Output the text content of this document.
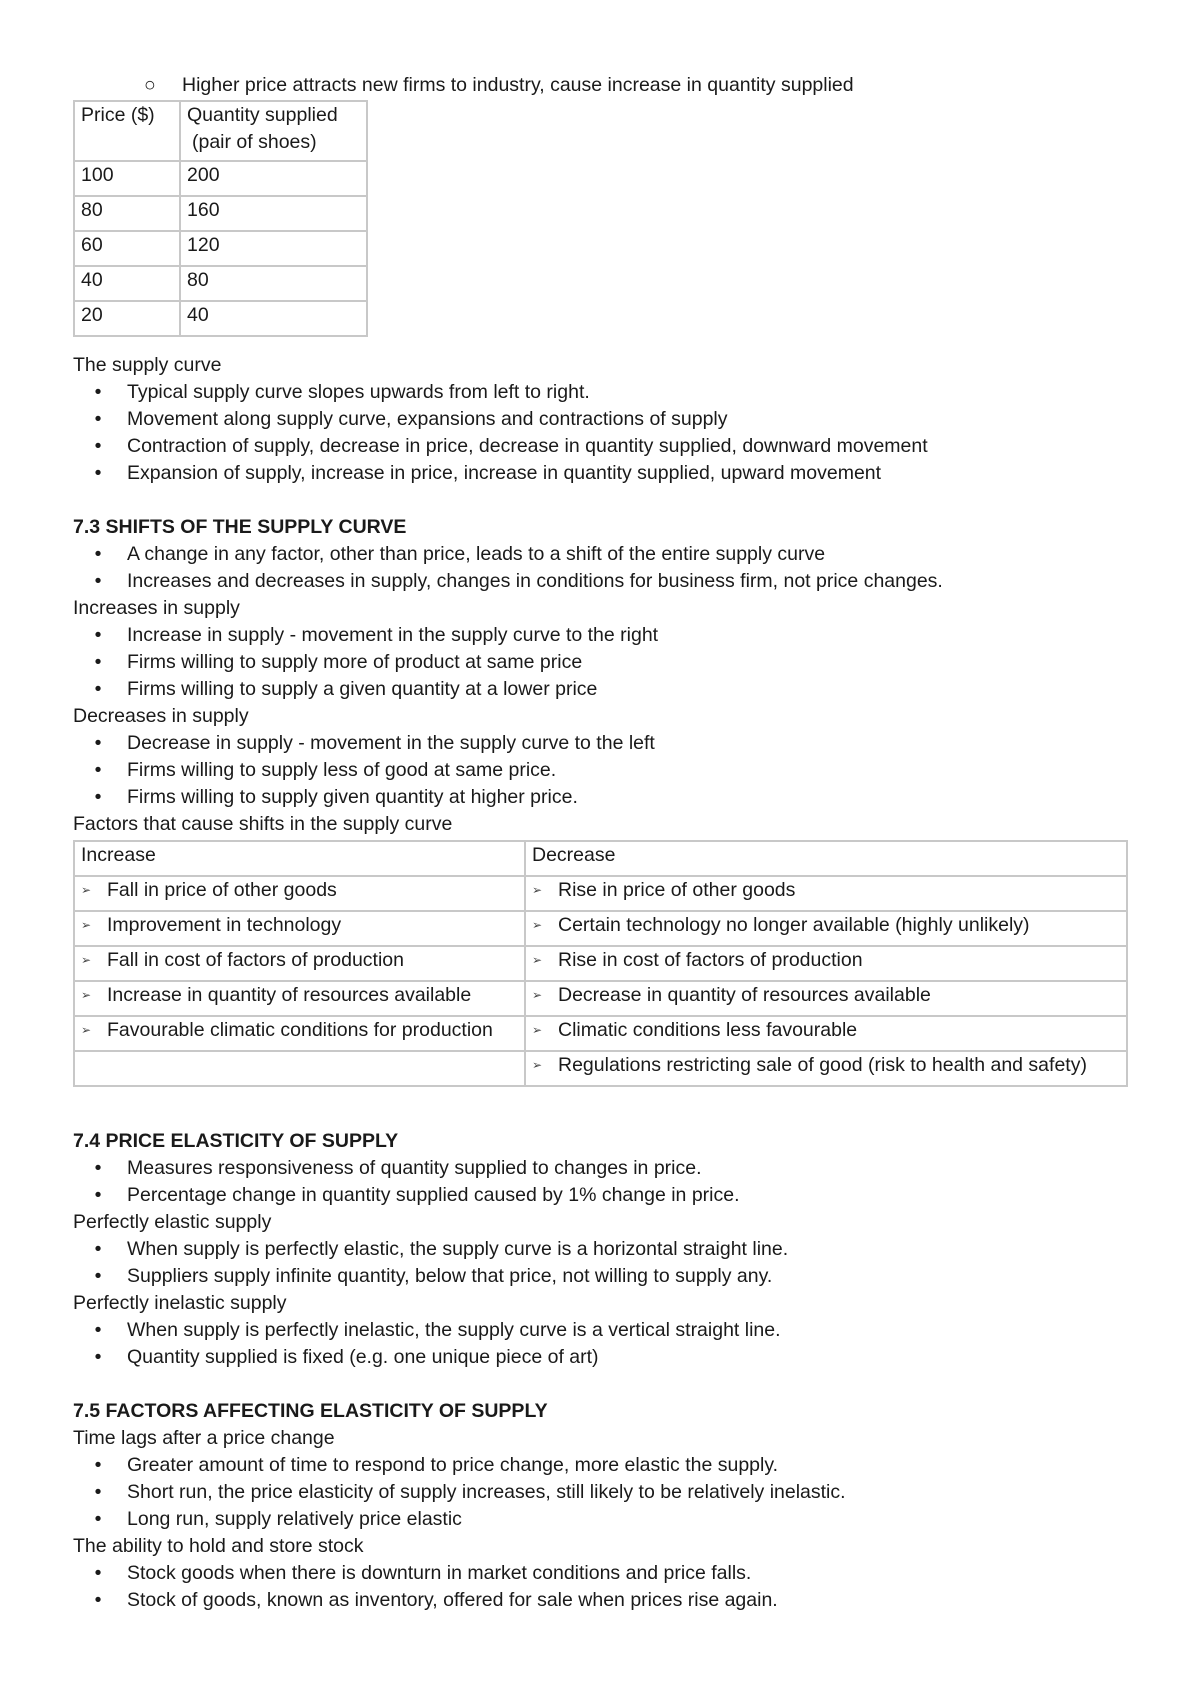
○ Higher price attracts new firms to industry, cause increase in quantity supplied
Price ($)	Quantity supplied
(pair of shoes)

100	200
80	160
60	120
40	80
20	40
The supply curve
• Typical supply curve slopes upwards from left to right.
• Movement along supply curve, expansions and contractions of supply
• Contraction of supply, decrease in price, decrease in quantity supplied, downward movement
• Expansion of supply, increase in price, increase in quantity supplied, upward movement
7.3 SHIFTS OF THE SUPPLY CURVE
• A change in any factor, other than price, leads to a shift of the entire supply curve
• Increases and decreases in supply, changes in conditions for business firm, not price changes.
Increases in supply
• Increase in supply - movement in the supply curve to the right
• Firms willing to supply more of product at same price
• Firms willing to supply a given quantity at a lower price
Decreases in supply
• Decrease in supply - movement in the supply curve to the left
• Firms willing to supply less of good at same price.
• Firms willing to supply given quantity at higher price.
Factors that cause shifts in the supply curve
Increase	Decrease
➢ Fall in price of other goods	➢ Rise in price of other goods
➢ Improvement in technology	➢ Certain technology no longer available (highly unlikely)
➢ Fall in cost of factors of production	➢ Rise in cost of factors of production
➢ Increase in quantity of resources available	➢ Decrease in quantity of resources available
➢ Favourable climatic conditions for production	➢ Climatic conditions less favourable
	➢ Regulations restricting sale of good (risk to health and safety)
7.4 PRICE ELASTICITY OF SUPPLY
• Measures responsiveness of quantity supplied to changes in price.
• Percentage change in quantity supplied caused by 1% change in price.
Perfectly elastic supply
• When supply is perfectly elastic, the supply curve is a horizontal straight line.
• Suppliers supply infinite quantity, below that price, not willing to supply any.
Perfectly inelastic supply
• When supply is perfectly inelastic, the supply curve is a vertical straight line.
• Quantity supplied is fixed (e.g. one unique piece of art)
7.5 FACTORS AFFECTING ELASTICITY OF SUPPLY
Time lags after a price change
• Greater amount of time to respond to price change, more elastic the supply.
• Short run, the price elasticity of supply increases, still likely to be relatively inelastic.
• Long run, supply relatively price elastic
The ability to hold and store stock
• Stock goods when there is downturn in market conditions and price falls.
• Stock of goods, known as inventory, offered for sale when prices rise again.
